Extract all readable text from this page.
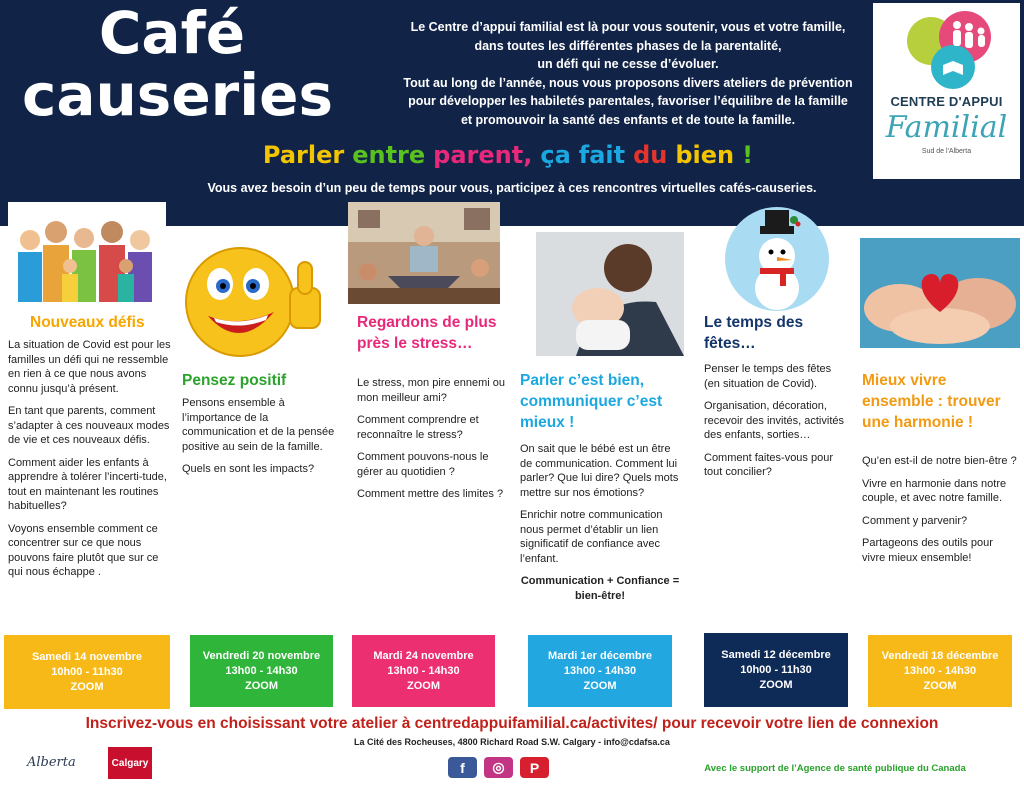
Café
causeries
Le Centre d’appui familial est là pour vous soutenir, vous et votre famille,
dans toutes les différentes phases de la parentalité,
un défi qui ne cesse d’évoluer.
Tout au long de l’année, nous vous proposons divers ateliers de prévention
pour développer les habiletés parentales, favoriser l’équilibre de la famille
et promouvoir la santé des enfants et de toute la famille.
CENTRE D'APPUI
Familial
Sud de l'Alberta
Parler entre parent, ça fait du bien !
Vous avez besoin d’un peu de temps pour vous, participez à ces rencontres virtuelles cafés-causeries.
Nouveaux défis

La situation de Covid est pour les familles un défi qui ne ressemble en rien à ce que nous avons connu jusqu’à présent.

En tant que parents, comment s’adapter à ces nouveaux modes de vie et ces nouveaux défis.

Comment aider les enfants à apprendre à tolérer l’incerti-tude, tout en maintenant les routines habituelles?

Voyons ensemble comment ce concentrer sur ce que nous pouvons faire plutôt que sur ce qui nous échappe .

Samedi 14 novembre
10h00 - 11h30
ZOOM
Pensez positif

Pensons ensemble à l’importance de la communication et de la pensée positive au sein de la famille.

Quels en sont les impacts?

Vendredi 20 novembre
13h00 - 14h30
ZOOM
Regardons de plus près le stress…

Le stress, mon pire ennemi ou mon meilleur ami?

Comment comprendre et reconnaître le stress?

Comment pouvons-nous le gérer au quotidien ?

Comment mettre des limites ?

Mardi 24 novembre
13h00 - 14h30
ZOOM
Parler c’est bien, communiquer c’est mieux !

On sait que le bébé est un être de communication. Comment lui parler? Que lui dire? Quels mots mettre sur nos émotions?

Enrichir notre communication nous permet d’établir un lien significatif de confiance avec l’enfant.

Communication + Confiance = bien-être!

Mardi 1er décembre
13h00 - 14h30
ZOOM
Le temps des fêtes…

Penser le temps des fêtes (en situation de Covid).

Organisation, décoration, recevoir des invités, activités des enfants, sorties…

Comment faites-vous pour tout concilier?

Samedi 12 décembre
10h00 - 11h30
ZOOM
Mieux vivre ensemble : trouver une harmonie !

Qu’en est-il de notre bien-être ?

Vivre en harmonie dans notre couple, et avec notre famille.

Comment y parvenir?

Partageons des outils pour vivre mieux ensemble!

Vendredi 18 décembre
13h00 - 14h30
ZOOM
Inscrivez-vous en choisissant votre atelier à centredappuifamilial.ca/activites/ pour recevoir votre lien de connexion
La Cité des Rocheuses, 4800 Richard Road S.W. Calgary - info@cdafsa.ca
Alberta	Calgary	f	◎	P	Avec le support de l’Agence de santé publique du Canada
